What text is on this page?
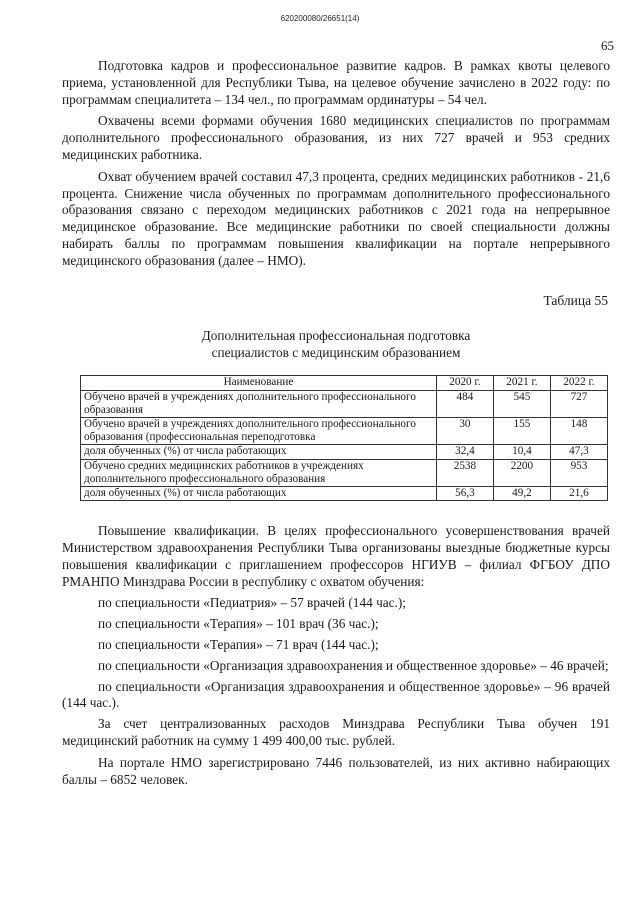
620200080/26651(14)
65

Подготовка кадров и профессиональное развитие кадров. В рамках квоты целевого приема, установленной для Республики Тыва, на целевое обучение зачислено в 2022 году: по программам специалитета – 134 чел., по программам ординатуры – 54 чел.

Охвачены всеми формами обучения 1680 медицинских специалистов по программам дополнительного профессионального образования, из них 727 врачей и 953 средних медицинских работника.

Охват обучением врачей составил 47,3 процента, средних медицинских работников - 21,6 процента. Снижение числа обученных по программам дополнительного профессионального образования связано с переходом медицинских работников с 2021 года на непрерывное медицинское образование. Все медицинские работники по своей специальности должны набирать баллы по программам повышения квалификации на портале непрерывного медицинского образования (далее – НМО).

Таблица 55
Дополнительная профессиональная подготовка
специалистов с медицинским образованием
Наименование	2020 г.	2021 г.	2022 г.
Обучено врачей в учреждениях дополнительного профессионального образования	484	545	727
Обучено врачей в учреждениях дополнительного профессионального образования (профессиональная переподготовка	30	155	148
доля обученных (%) от числа работающих	32,4	10,4	47,3
Обучено средних медицинских работников в учреждениях дополнительного профессионального образования	2538	2200	953
доля обученных (%) от числа работающих	56,3	49,2	21,6

Повышение квалификации. В целях профессионального усовершенствования врачей Министерством здравоохранения Республики Тыва организованы выездные бюджетные курсы повышения квалификации с приглашением профессоров НГИУВ – филиал ФГБОУ ДПО РМАНПО Минздрава России в республику с охватом обучения:

по специальности «Педиатрия» – 57 врачей (144 час.);

по специальности «Терапия» – 101 врач (36 час.);

по специальности «Терапия» – 71 врач (144 час.);

по специальности «Организация здравоохранения и общественное здоровье» – 46 врачей;

по специальности «Организация здравоохранения и общественное здоровье» – 96 врачей (144 час.).

За счет централизованных расходов Минздрава Республики Тыва обучен 191 медицинский работник на сумму 1 499 400,00 тыс. рублей.

На портале НМО зарегистрировано 7446 пользователей, из них активно набирающих баллы – 6852 человек.
